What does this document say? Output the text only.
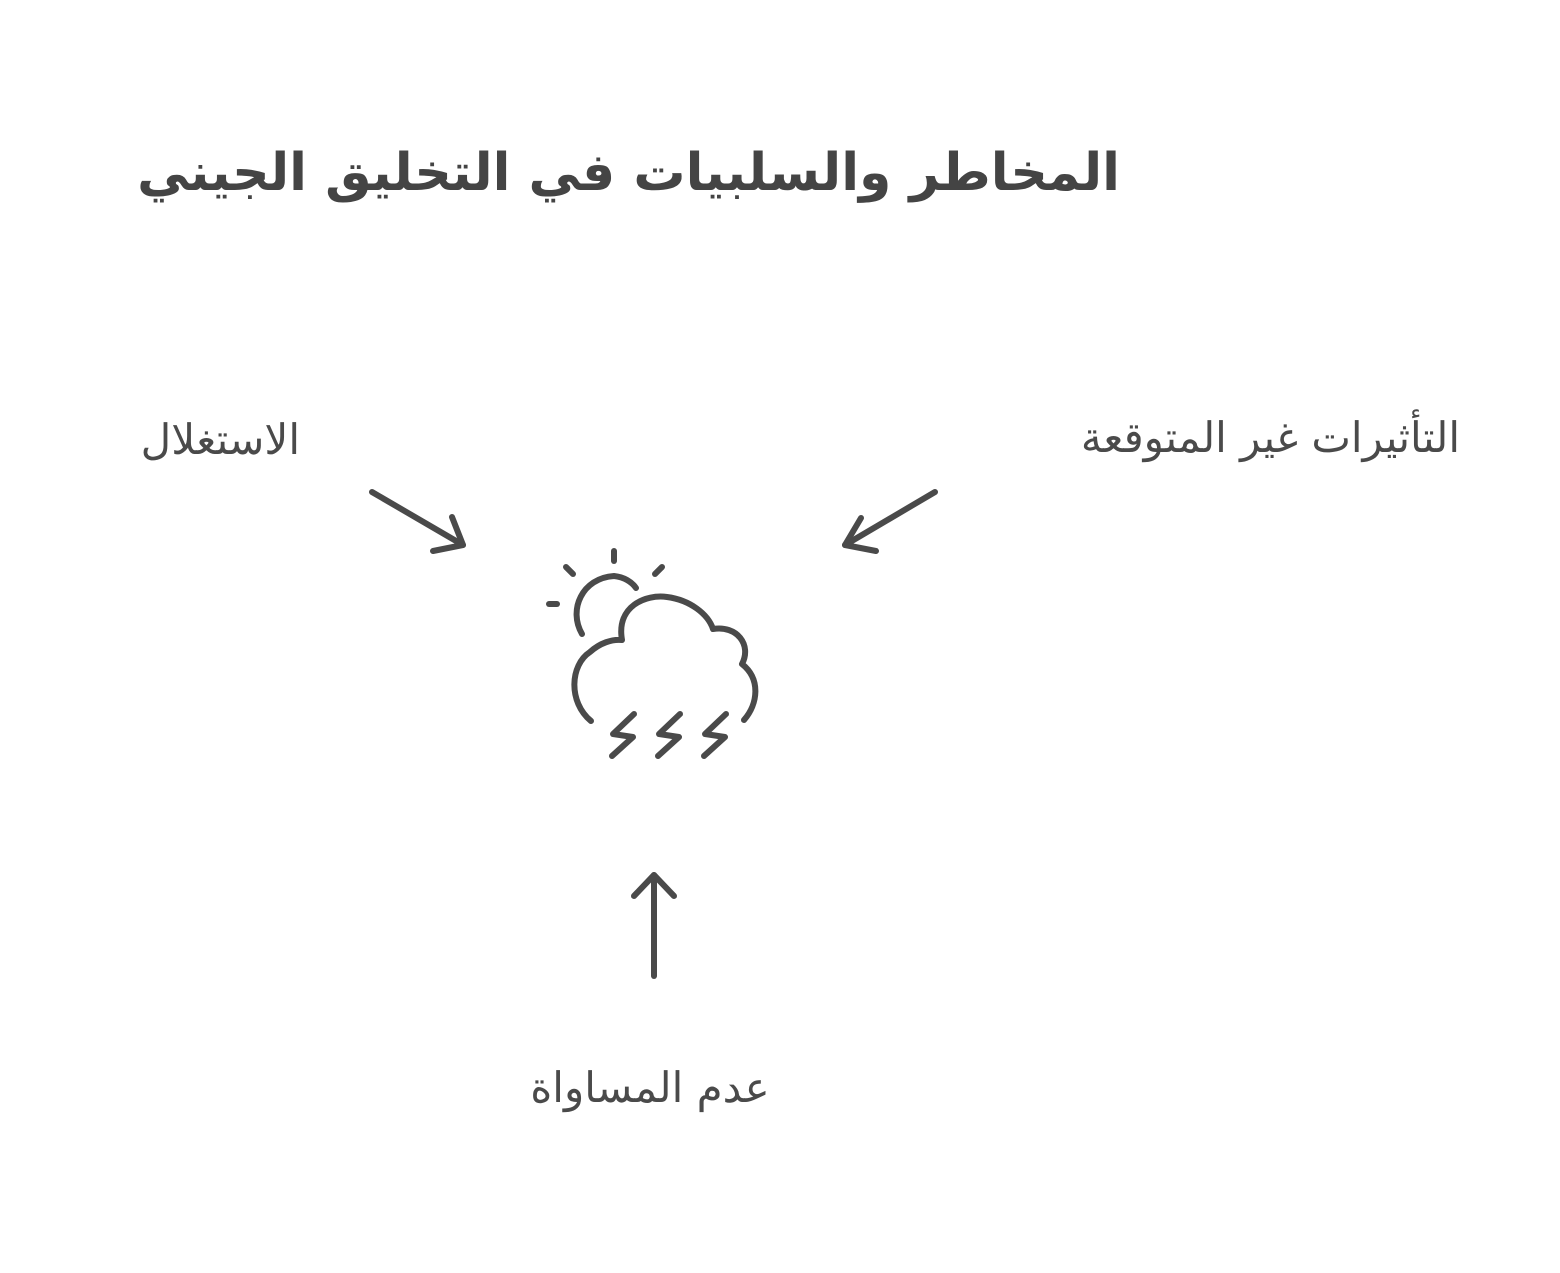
المخاطر والسلبيات في التخليق الجيني
الاستغلال	التأثيرات غير المتوقعة
عدم المساواة
